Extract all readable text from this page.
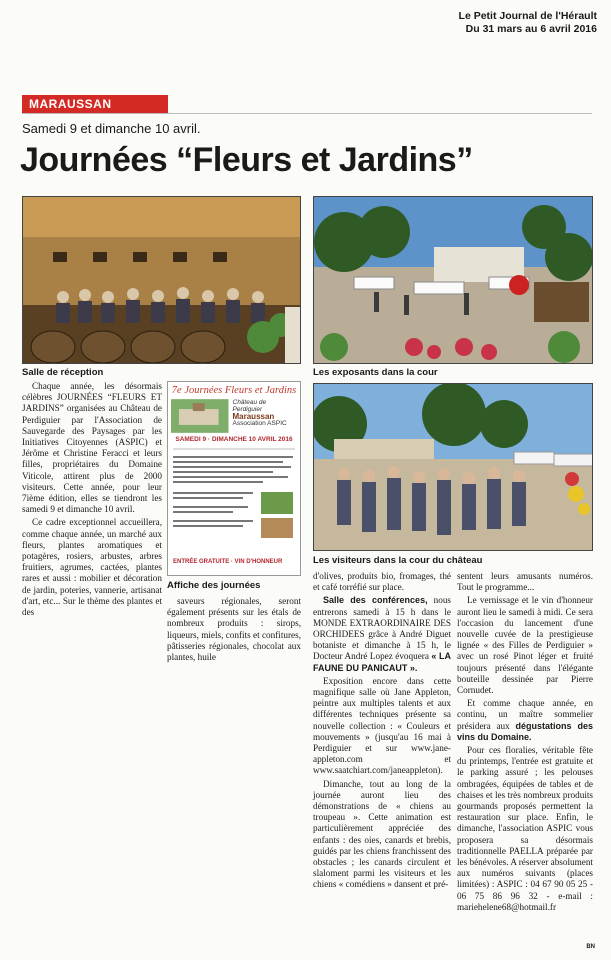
Le Petit Journal de l'Hérault
Du 31 mars au 6 avril 2016
MARAUSSAN
Samedi 9 et dimanche 10 avril.
Journées “Fleurs et Jardins”
Salle de réception	Les exposants dans la cour
Les visiteurs dans la cour du château

Chaque année, les désormais célèbres JOURNÉES “FLEURS ET JARDINS” organisées au Château de Perdiguier par l'Association de Sauvegarde des Paysages par les Initiatives Citoyennes (ASPIC) et Jérôme et Christine Feracci et leurs filles, propriétaires du Domaine Viticole, attirent plus de 2000 visiteurs. Cette année, pour leur 7ième édition, elles se tiendront les samedi 9 et dimanche 10 avril.

Ce cadre exceptionnel accueillera, comme chaque année, un marché aux fleurs, plantes aromatiques et potagères, rosiers, arbustes, arbres fruitiers, agrumes, cactées, plantes rares et aussi : mobilier et décoration de jardin, poteries, vannerie, artisanat d'art, etc... Sur le thème des plantes et des

7e Journées Fleurs et Jardins
Château de Perdiguier
Maraussan
Association ASPIC
SAMEDI 9 · DIMANCHE 10 AVRIL 2016
ENTRÉE GRATUITE · VIN D'HONNEUR
Affiche des journées

saveurs régionales, seront également présents sur les étals de nombreux produits : sirops, liqueurs, miels, confits et confitures, pâtisseries régionales, chocolat aux plantes, huile

d'olives, produits bio, fromages, thé et café torréfié sur place.

Salle des conférences, nous entrerons samedi à 15 h dans le MONDE EXTRAORDINAIRE DES ORCHIDEES grâce à André Diguet botaniste et dimanche à 15 h, le Docteur André Lopez évoquera « LA FAUNE DU PANICAUT ».

Exposition encore dans cette magnifique salle où Jane Appleton, peintre aux multiples talents et aux différentes techniques présente sa nouvelle collection : « Couleurs et mouvements » (jusqu'au 16 mai à Perdiguier et sur www.jane-appleton.com et www.saatchiart.com/janeappleton).

Dimanche, tout au long de la journée auront lieu des démonstrations de « chiens au troupeau ». Cette animation est particulièrement appréciée des enfants : des oies, canards et brebis, guidés par les chiens franchissent des obstacles ; les canards circulent et slaloment parmi les visiteurs et les chiens « comédiens » dansent et pré-

sentent leurs amusants numéros. Tout le programme...

Le vernissage et le vin d'honneur auront lieu le samedi à midi. Ce sera l'occasion du lancement d'une nouvelle cuvée de la prestigieuse lignée « des Filles de Perdiguier » avec un rosé Pinot léger et fruité toujours présenté dans l'élégante bouteille dessinée par Pierre Cornudet.

Et comme chaque année, en continu, un maître sommelier présidera aux dégustations des vins du Domaine.

Pour ces floralies, véritable fête du printemps, l'entrée est gratuite et le parking assuré ; les pelouses ombragées, équipées de tables et de chaises et les très nombreux produits gourmands proposés permettent la restauration sur place. Enfin, le dimanche, l'association ASPIC vous proposera sa désormais traditionnelle PAELLA préparée par les bénévoles. A réserver absolument aux numéros suivants (places limitées) : ASPIC : 04 67 90 05 25 - 06 75 86 96 32 - e-mail : mariehelene68@hotmail.fr

BN
